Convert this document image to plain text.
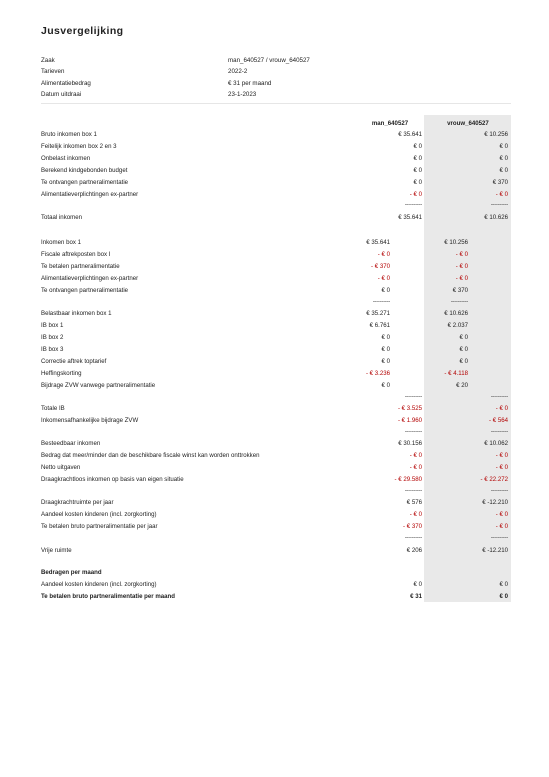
Jusvergelijking
Zaak	man_640527 / vrouw_640527
Tarieven	2022-2
Alimentatiebedrag	€ 31 per maand
Datum uitdraai	23-1-2023
man_640527	vrouw_640527
Bruto inkomen box 1	€ 35.641	€ 10.256
Feitelijk inkomen box 2 en 3	€ 0	€ 0
Onbelast inkomen	€ 0	€ 0
Berekend kindgebonden budget	€ 0	€ 0
Te ontvangen partneralimentatie	€ 0	€ 370
Alimentatieverplichtingen ex-partner	- € 0	- € 0
----------	----------
Totaal inkomen	€ 35.641	€ 10.626
Inkomen box 1	€ 35.641	€ 10.256
Fiscale aftrekposten box I	- € 0	- € 0
Te betalen partneralimentatie	- € 370	- € 0
Alimentatieverplichtingen ex-partner	- € 0	- € 0
Te ontvangen partneralimentatie	€ 0	€ 370
----------	----------
Belastbaar inkomen box 1	€ 35.271	€ 10.626
IB box 1	€ 6.761	€ 2.037
IB box 2	€ 0	€ 0
IB box 3	€ 0	€ 0
Correctie aftrek toptarief	€ 0	€ 0
Heffingskorting	- € 3.236	- € 4.118
Bijdrage ZVW vanwege partneralimentatie	€ 0	€ 20
----------	----------
Totale IB	- € 3.525	- € 0
Inkomensafhankelijke bijdrage ZVW	- € 1.960	- € 564
----------	----------
Besteedbaar inkomen	€ 30.156	€ 10.062
Bedrag dat meer/minder dan de beschikbare fiscale winst kan worden onttrokken	- € 0	- € 0
Netto uitgaven	- € 0	- € 0
Draagkrachtloos inkomen op basis van eigen situatie	- € 29.580	- € 22.272
----------	----------
Draagkrachtruimte per jaar	€ 576	€ -12.210
Aandeel kosten kinderen (incl. zorgkorting)	- € 0	- € 0
Te betalen bruto partneralimentatie per jaar	- € 370	- € 0
----------	----------
Vrije ruimte	€ 206	€ -12.210
Bedragen per maand
Aandeel kosten kinderen (incl. zorgkorting)	€ 0	€ 0
Te betalen bruto partneralimentatie per maand	€ 31	€ 0
